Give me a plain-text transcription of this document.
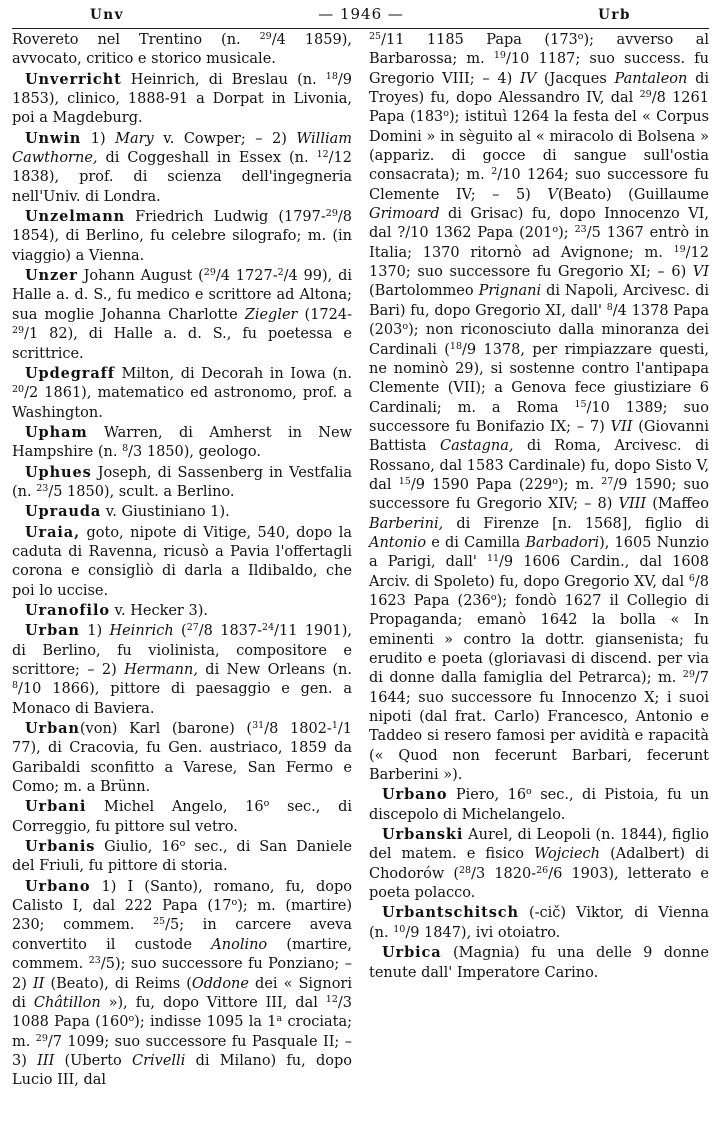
Unv	— 1946 —	Urb

Rovereto nel Trentino (n. $^{29}$/4 1859), avvocato, critico e storico musicale.

Unverricht Heinrich, di Breslau (n. $^{18}$/9 1853), clinico, 1888-91 a Dorpat in Livonia, poi a Magdeburg.

Unwin 1) Mary v. Cowper; – 2) William Cawthorne, di Coggeshall in Essex (n. $^{12}$/12 1838), prof. di scienza dell'ingegneria nell'Univ. di Londra.

Unzelmann Friedrich Ludwig (1797-$^{29}$/8 1854), di Berlino, fu celebre silografo; m. (in viaggio) a Vienna.

Unzer Johann August ($^{29}$/4 1727-$^2$/4 99), di Halle a. d. S., fu medico e scrittore ad Altona; sua moglie Johanna Charlotte Ziegler (1724-$^{29}$/1 82), di Halle a. d. S., fu poetessa e scrittrice.

Updegraff Milton, di Decorah in Iowa (n. $^{20}$/2 1861), matematico ed astronomo, prof. a Washington.

Upham Warren, di Amherst in New Hampshire (n. $^8$/3 1850), geologo.

Uphues Joseph, di Sassenberg in Vestfalia (n. $^{23}$/5 1850), scult. a Berlino.

Uprauda v. Giustiniano 1).

Uraia, goto, nipote di Vitige, 540, dopo la caduta di Ravenna, ricusò a Pavia l'offertagli corona e consigliò di darla a Ildibaldo, che poi lo uccise.

Uranofilo v. Hecker 3).

Urban 1) Heinrich ($^{27}$/8 1837-$^{24}$/11 1901), di Berlino, fu violinista, compositore e scrittore; – 2) Hermann, di New Orleans (n. $^8$/10 1866), pittore di paesaggio e gen. a Monaco di Baviera.

Urban(von) Karl (barone) ($^{31}$/8 1802-$^1$/1 77), di Cracovia, fu Gen. austriaco, 1859 da Garibaldi sconfitto a Varese, San Fermo e Como; m. a Brünn.

Urbani Michel Angelo, 16$^o$ sec., di Correggio, fu pittore sul vetro.

Urbanis Giulio, 16$^o$ sec., di San Daniele del Friuli, fu pittore di storia.

Urbano 1) I (Santo), romano, fu, dopo Calisto I, dal 222 Papa (17$^o$); m. (martire) 230; commem. $^{25}$/5; in carcere aveva convertito il custode Anolino (martire, commem. $^{23}$/5); suo successore fu Ponziano; – 2) II (Beato), di Reims (Oddone dei « Signori di Châtillon »), fu, dopo Vittore III, dal $^{12}$/3 1088 Papa (160$^o$); indisse 1095 la 1$^a$ crociata; m. $^{29}$/7 1099; suo successore fu Pasquale II; – 3) III (Uberto Crivelli di Milano) fu, dopo Lucio III, dal

$^{25}$/11 1185 Papa (173$^o$); avverso al Barbarossa; m. $^{19}$/10 1187; suo success. fu Gregorio VIII; – 4) IV (Jacques Pantaleon di Troyes) fu, dopo Alessandro IV, dal $^{29}$/8 1261 Papa (183$^o$); istituì 1264 la festa del « Corpus Domini » in sèguito al « miracolo di Bolsena » (appariz. di gocce di sangue sull'ostia consacrata); m. $^2$/10 1264; suo successore fu Clemente IV; – 5) V(Beato) (Guillaume Grimoard di Grisac) fu, dopo Innocenzo VI, dal ?/10 1362 Papa (201$^o$); $^{23}$/5 1367 entrò in Italia; 1370 ritornò ad Avignone; m. $^{19}$/12 1370; suo successore fu Gregorio XI; – 6) VI (Bartolommeo Prignani di Napoli, Arcivesc. di Bari) fu, dopo Gregorio XI, dall' $^8$/4 1378 Papa (203$^o$); non riconosciuto dalla minoranza dei Cardinali ($^{18}$/9 1378, per rimpiazzare questi, ne nominò 29), si sostenne contro l'antipapa Clemente (VII); a Genova fece giustiziare 6 Cardinali; m. a Roma $^{15}$/10 1389; suo successore fu Bonifazio IX; – 7) VII (Giovanni Battista Castagna, di Roma, Arcivesc. di Rossano, dal 1583 Cardinale) fu, dopo Sisto V, dal $^{15}$/9 1590 Papa (229$^o$); m. $^{27}$/9 1590; suo successore fu Gregorio XIV; – 8) VIII (Maffeo Barberini, di Firenze [n. 1568], figlio di Antonio e di Camilla Barbadori), 1605 Nunzio a Parigi, dall' $^{11}$/9 1606 Cardin., dal 1608 Arciv. di Spoleto) fu, dopo Gregorio XV, dal $^6$/8 1623 Papa (236$^o$); fondò 1627 il Collegio di Propaganda; emanò 1642 la bolla « In eminenti » contro la dottr. giansenista; fu erudito e poeta (gloriavasi di discend. per via di donne dalla famiglia del Petrarca); m. $^{29}$/7 1644; suo successore fu Innocenzo X; i suoi nipoti (dal frat. Carlo) Francesco, Antonio e Taddeo si resero famosi per avidità e rapacità (« Quod non fecerunt Barbari, fecerunt Barberini »).

Urbano Piero, 16$^o$ sec., di Pistoia, fu un discepolo di Michelangelo.

Urbanski Aurel, di Leopoli (n. 1844), figlio del matem. e fisico Wojciech (Adalbert) di Chodorów ($^{28}$/3 1820-$^{26}$/6 1903), letterato e poeta polacco.

Urbantschitsch (-cič) Viktor, di Vienna (n. $^{10}$/9 1847), ivi otoiatro.

Urbica (Magnia) fu una delle 9 donne tenute dall' Imperatore Carino.
